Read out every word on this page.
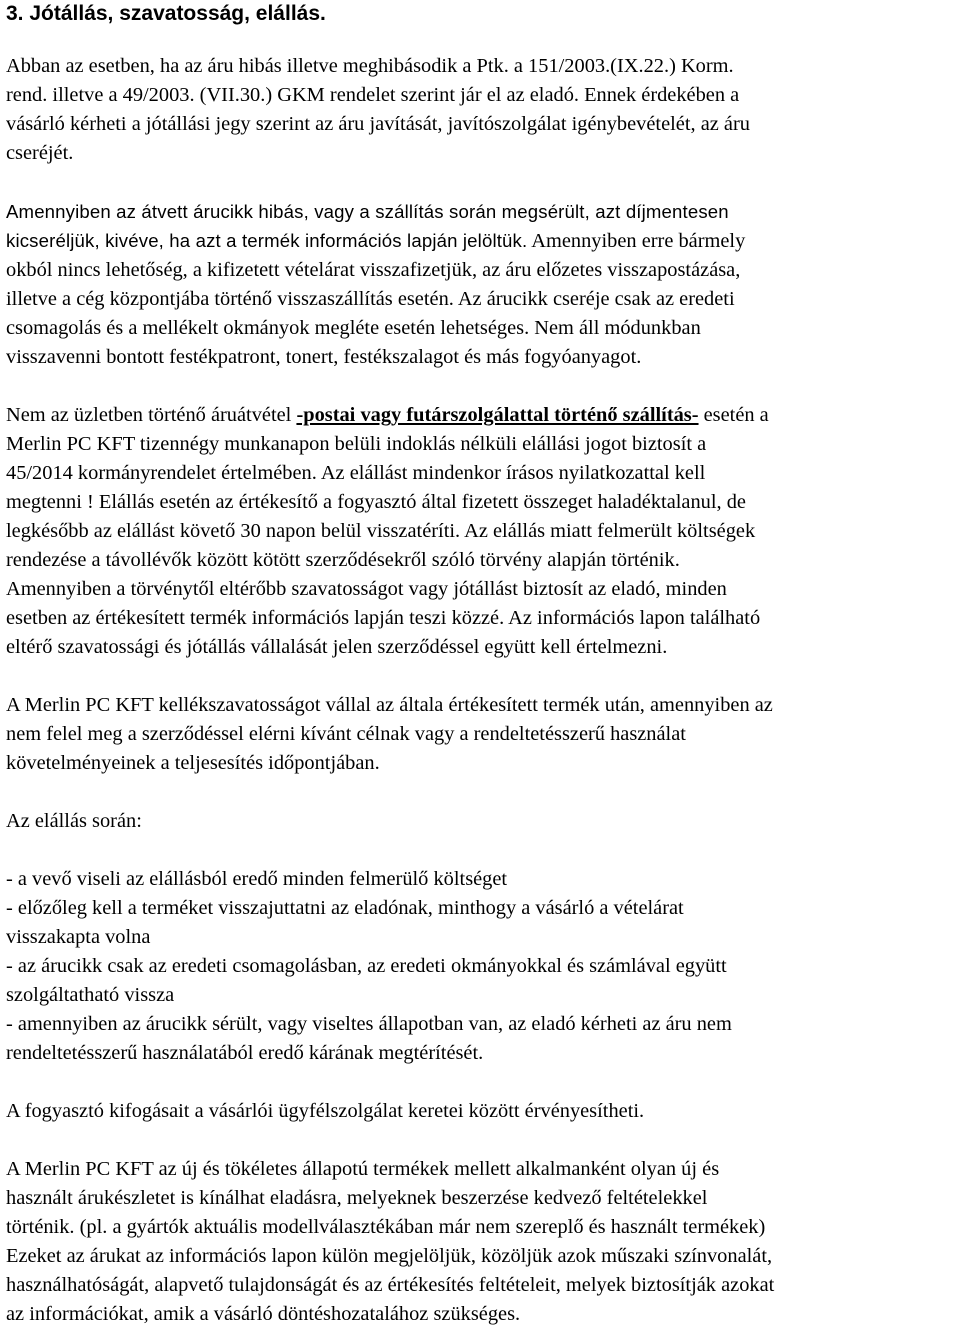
3. Jótállás, szavatosság, elállás.

Abban az esetben, ha az áru hibás illetve meghibásodik a Ptk. a 151/2003.(IX.22.) Korm.
rend. illetve a 49/2003. (VII.30.) GKM rendelet szerint jár el az eladó. Ennek érdekében a
vásárló kérheti a jótállási jegy szerint az áru javítását, javítószolgálat igénybevételét, az áru
cseréjét.

Amennyiben az átvett árucikk hibás, vagy a szállítás során megsérült, azt díjmentesen
kicseréljük, kivéve, ha azt a termék információs lapján jelöltük. Amennyiben erre bármely
okból nincs lehetőség, a kifizetett vételárat visszafizetjük, az áru előzetes visszapostázása,
illetve a cég központjába történő visszaszállítás esetén. Az árucikk cseréje csak az eredeti
csomagolás és a mellékelt okmányok megléte esetén lehetséges. Nem áll módunkban
visszavenni bontott festékpatront, tonert, festékszalagot és más fogyóanyagot.

Nem az üzletben történő áruátvétel -postai vagy futárszolgálattal történő szállítás- esetén a
Merlin PC KFT tizennégy munkanapon belüli indoklás nélküli elállási jogot biztosít a
45/2014 kormányrendelet értelmében. Az elállást mindenkor írásos nyilatkozattal kell
megtenni ! Elállás esetén az értékesítő a fogyasztó által fizetett összeget haladéktalanul, de
legkésőbb az elállást követő 30 napon belül visszatéríti. Az elállás miatt felmerült költségek
rendezése a távollévők között kötött szerződésekről szóló törvény alapján történik.
Amennyiben a törvénytől eltérőbb szavatosságot vagy jótállást biztosít az eladó, minden
esetben az értékesített termék információs lapján teszi közzé. Az információs lapon található
eltérő szavatossági és jótállás vállalását jelen szerződéssel együtt kell értelmezni.

A Merlin PC KFT kellékszavatosságot vállal az általa értékesített termék után, amennyiben az
nem felel meg a szerződéssel elérni kívánt célnak vagy a rendeltetésszerű használat
követelményeinek a teljesesítés időpontjában.

Az elállás során:

- a vevő viseli az elállásból eredő minden felmerülő költséget
- előzőleg kell a terméket visszajuttatni az eladónak, minthogy a vásárló a vételárat
visszakapta volna
- az árucikk csak az eredeti csomagolásban, az eredeti okmányokkal és számlával együtt
szolgáltatható vissza
- amennyiben az árucikk sérült, vagy viseltes állapotban van, az eladó kérheti az áru nem
rendeltetésszerű használatából eredő kárának megtérítését.

A fogyasztó kifogásait a vásárlói ügyfélszolgálat keretei között érvényesítheti.

A Merlin PC KFT az új és tökéletes állapotú termékek mellett alkalmanként olyan új és
használt árukészletet is kínálhat eladásra, melyeknek beszerzése kedvező feltételekkel
történik. (pl. a gyártók aktuális modellválasztékában már nem szereplő és használt termékek)
Ezeket az árukat az információs lapon külön megjelöljük, közöljük azok műszaki színvonalát,
használhatóságát, alapvető tulajdonságát és az értékesítés feltételeit, melyek biztosítják azokat
az információkat, amik a vásárló döntéshozatalához szükséges.
